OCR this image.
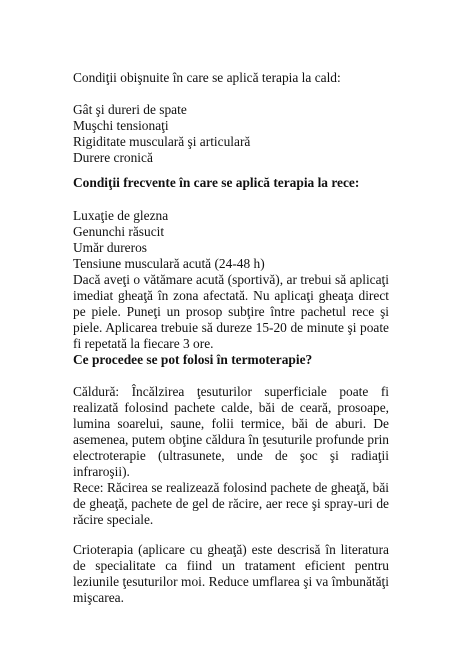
Condiţii obişnuite în care se aplică terapia la cald:
Gât şi dureri de spate
Muşchi tensionaţi
Rigiditate musculară şi articulară
Durere cronică
Condiţii frecvente în care se aplică terapia la rece:
Luxaţie de glezna
Genunchi răsucit
Umăr dureros
Tensiune musculară acută (24-48 h)
Dacă aveţi o vătămare acută (sportivă), ar trebui să aplicaţi imediat gheaţă în zona afectată. Nu aplicaţi gheaţa direct pe piele. Puneţi un prosop subţire între pachetul rece şi piele. Aplicarea trebuie să dureze 15-20 de minute şi poate fi repetată la fiecare 3 ore.
Ce procedee se pot folosi în termoterapie?
Căldură: Încălzirea ţesuturilor superficiale poate fi realizată folosind pachete calde, băi de ceară, prosoape, lumina soarelui, saune, folii termice, băi de aburi. De asemenea, putem obţine căldura în ţesuturile profunde prin electroterapie (ultrasunete, unde de şoc şi radiaţii infraroşii).
Rece: Răcirea se realizează folosind pachete de gheaţă, băi de gheaţă, pachete de gel de răcire, aer rece şi spray-uri de răcire speciale.
Crioterapia (aplicare cu gheaţă) este descrisă în literatura de specialitate ca fiind un tratament eficient pentru leziunile ţesuturilor moi. Reduce umflarea şi va îmbunătăţi mişcarea.
